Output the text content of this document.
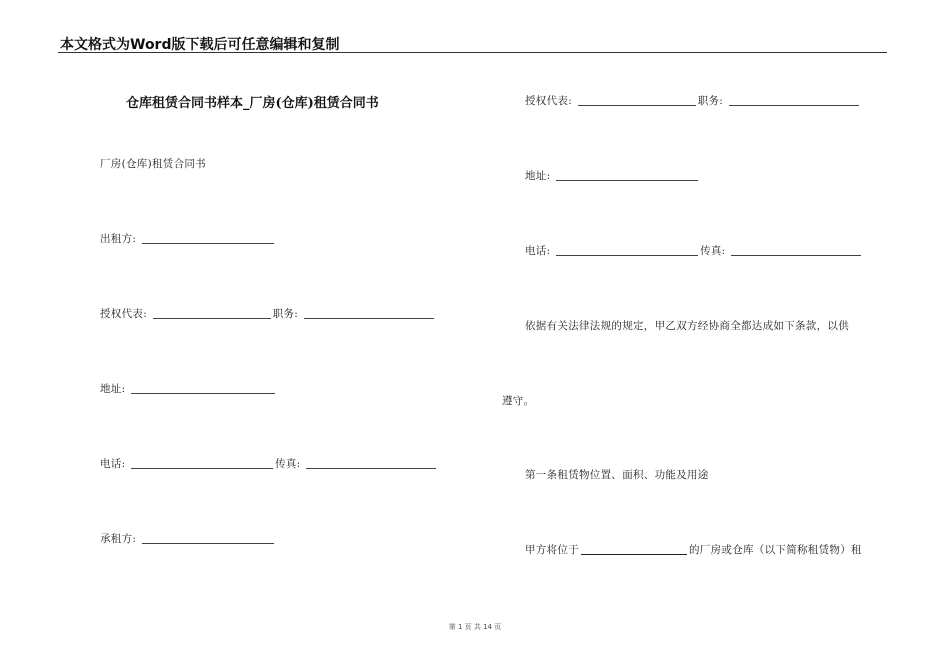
本文格式为Word版下载后可任意编辑和复制
仓库租赁合同书样本_厂房(仓库)租赁合同书
厂房(仓库)租赁合同书
出租方:
授权代表:	职务:
地址:
电话:	传真:
承租方:
授权代表:	职务:
地址:
电话:	传真:
依据有关法律法规的规定，甲乙双方经协商全都达成如下条款，以供
遵守。
第一条租赁物位置、面积、功能及用途
甲方将位于	的厂房或仓库（以下简称租赁物）租
第 1 页 共 14 页
